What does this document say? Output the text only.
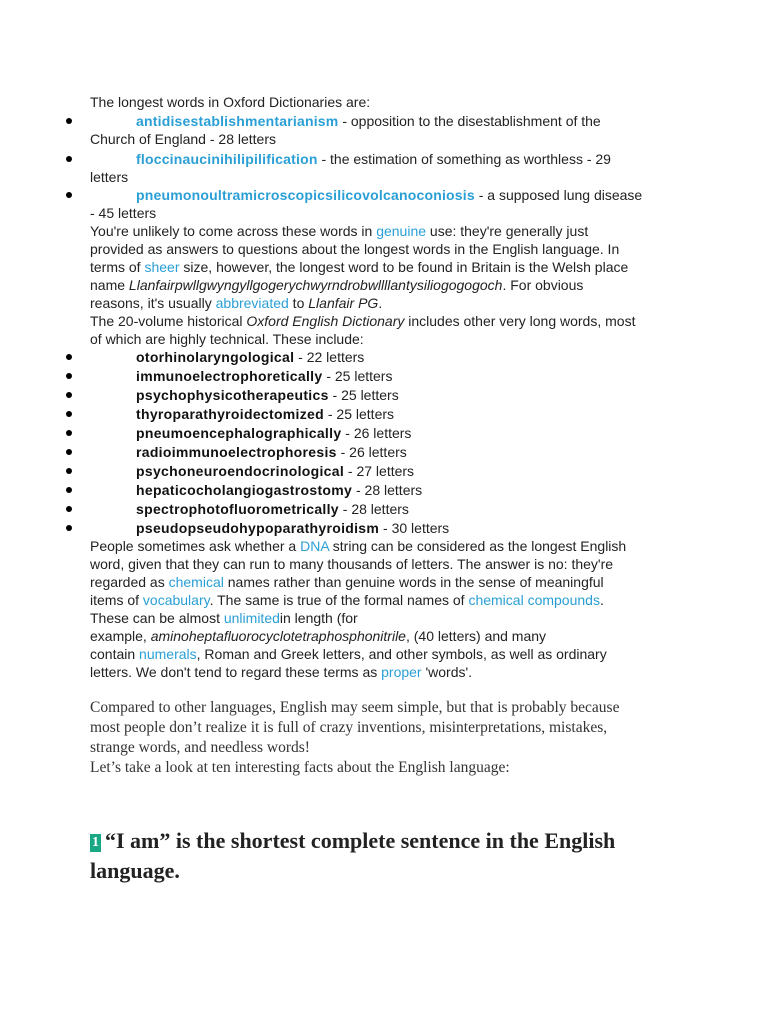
The longest words in Oxford Dictionaries are:
antidisestablishmentarianism - opposition to the disestablishment of the
Church of England - 28 letters
floccinaucinihilipilification - the estimation of something as worthless - 29
letters
pneumonoultramicroscopicsilicovolcanoconiosis - a supposed lung disease
- 45 letters
You're unlikely to come across these words in genuine use: they're generally just
provided as answers to questions about the longest words in the English language. In
terms of sheer size, however, the longest word to be found in Britain is the Welsh place
name Llanfairpwllgwyngyllgogerychwyrndrobwllllantysiliogogogoch. For obvious
reasons, it's usually abbreviated to Llanfair PG.
The 20-volume historical Oxford English Dictionary includes other very long words, most
of which are highly technical. These include:
otorhinolaryngological - 22 letters
immunoelectrophoretically - 25 letters
psychophysicotherapeutics - 25 letters
thyroparathyroidectomized - 25 letters
pneumoencephalographically - 26 letters
radioimmunoelectrophoresis - 26 letters
psychoneuroendocrinological - 27 letters
hepaticocholangiogastrostomy - 28 letters
spectrophotofluorometrically - 28 letters
pseudopseudohypoparathyroidism - 30 letters
People sometimes ask whether a DNA string can be considered as the longest English
word, given that they can run to many thousands of letters. The answer is no: they're
regarded as chemical names rather than genuine words in the sense of meaningful
items of vocabulary. The same is true of the formal names of chemical compounds.
These can be almost unlimitedin length (for
example, aminoheptafluorocyclotetraphosphonitrile, (40 letters) and many
contain numerals, Roman and Greek letters, and other symbols, as well as ordinary
letters. We don't tend to regard these terms as proper 'words'.
Compared to other languages, English may seem simple, but that is probably because
most people don’t realize it is full of crazy inventions, misinterpretations, mistakes,
strange words, and needless words!
Let’s take a look at ten interesting facts about the English language:
1 “I am” is the shortest complete sentence in the English
language.
